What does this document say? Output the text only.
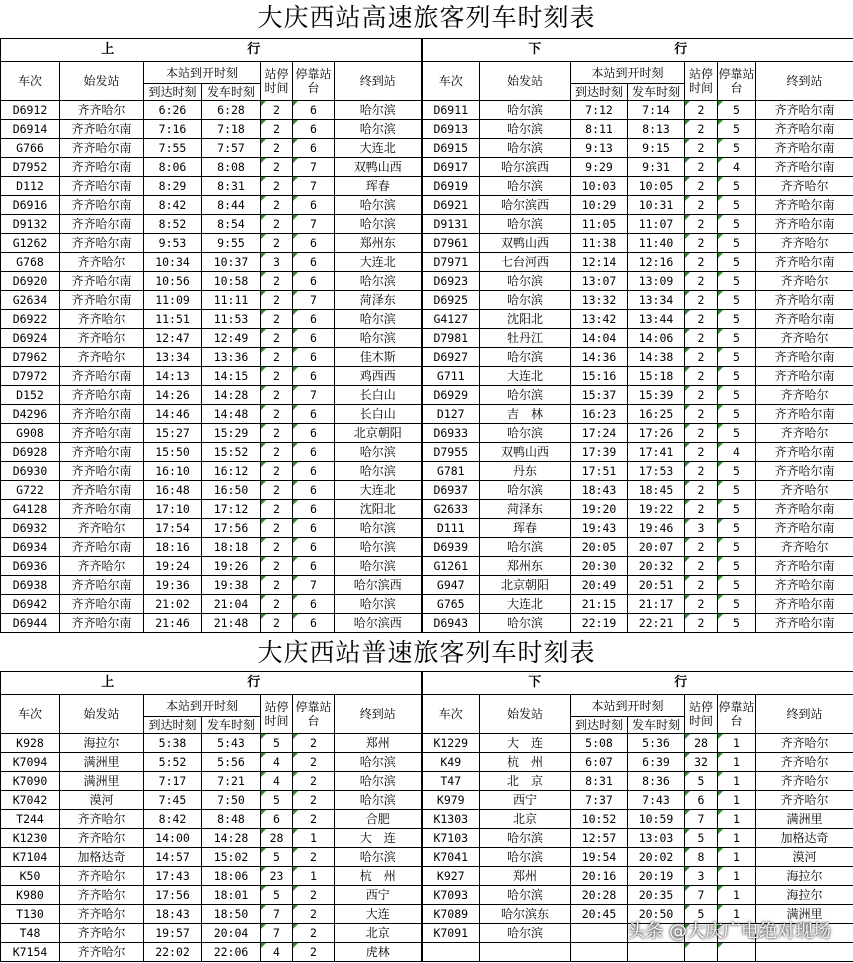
大庆西站高速旅客列车时刻表
上　行							下　行						
车次	始发站	本站到开时刻		站停时间	停靠站台	终到站	车次	始发站	本站到开时刻		站停时间	停靠站台	终到站
		到达时刻	发车时刻						到达时刻	发车时刻			
D6912	齐齐哈尔	6:26	6:28	2	6	哈尔滨	D6911	哈尔滨	7:12	7:14	2	5	齐齐哈尔南
D6914	齐齐哈尔南	7:16	7:18	2	6	哈尔滨	D6913	哈尔滨	8:11	8:13	2	5	齐齐哈尔南
G766	齐齐哈尔南	7:55	7:57	2	6	大连北	D6915	哈尔滨	9:13	9:15	2	5	齐齐哈尔南
D7952	齐齐哈尔南	8:06	8:08	2	7	双鸭山西	D6917	哈尔滨西	9:29	9:31	2	4	齐齐哈尔南
D112	齐齐哈尔南	8:29	8:31	2	7	珲春	D6919	哈尔滨	10:03	10:05	2	5	齐齐哈尔
D6916	齐齐哈尔南	8:42	8:44	2	6	哈尔滨	D6921	哈尔滨西	10:29	10:31	2	5	齐齐哈尔南
D9132	齐齐哈尔南	8:52	8:54	2	7	哈尔滨	D9131	哈尔滨	11:05	11:07	2	5	齐齐哈尔南
G1262	齐齐哈尔南	9:53	9:55	2	6	郑州东	D7961	双鸭山西	11:38	11:40	2	5	齐齐哈尔
G768	齐齐哈尔	10:34	10:37	3	6	大连北	D7971	七台河西	12:14	12:16	2	5	齐齐哈尔南
D6920	齐齐哈尔南	10:56	10:58	2	6	哈尔滨	D6923	哈尔滨	13:07	13:09	2	5	齐齐哈尔
G2634	齐齐哈尔南	11:09	11:11	2	7	菏泽东	D6925	哈尔滨	13:32	13:34	2	5	齐齐哈尔南
D6922	齐齐哈尔	11:51	11:53	2	6	哈尔滨	G4127	沈阳北	13:42	13:44	2	5	齐齐哈尔南
D6924	齐齐哈尔	12:47	12:49	2	6	哈尔滨	D7981	牡丹江	14:04	14:06	2	5	齐齐哈尔
D7962	齐齐哈尔	13:34	13:36	2	6	佳木斯	D6927	哈尔滨	14:36	14:38	2	5	齐齐哈尔南
D7972	齐齐哈尔南	14:13	14:15	2	6	鸡西西	G711	大连北	15:16	15:18	2	5	齐齐哈尔南
D152	齐齐哈尔南	14:26	14:28	2	7	长白山	D6929	哈尔滨	15:37	15:39	2	5	齐齐哈尔
D4296	齐齐哈尔南	14:46	14:48	2	6	长白山	D127	吉　林	16:23	16:25	2	5	齐齐哈尔南
G908	齐齐哈尔南	15:27	15:29	2	6	北京朝阳	D6933	哈尔滨	17:24	17:26	2	5	齐齐哈尔
D6928	齐齐哈尔南	15:50	15:52	2	6	哈尔滨	D7955	双鸭山西	17:39	17:41	2	4	齐齐哈尔南
D6930	齐齐哈尔南	16:10	16:12	2	6	哈尔滨	G781	丹东	17:51	17:53	2	5	齐齐哈尔南
G722	齐齐哈尔南	16:48	16:50	2	6	大连北	D6937	哈尔滨	18:43	18:45	2	5	齐齐哈尔
G4128	齐齐哈尔南	17:10	17:12	2	6	沈阳北	G2633	菏泽东	19:20	19:22	2	5	齐齐哈尔南
D6932	齐齐哈尔	17:54	17:56	2	6	哈尔滨	D111	珲春	19:43	19:46	3	5	齐齐哈尔南
D6934	齐齐哈尔南	18:16	18:18	2	6	哈尔滨	D6939	哈尔滨	20:05	20:07	2	5	齐齐哈尔
D6936	齐齐哈尔	19:24	19:26	2	6	哈尔滨	G1261	郑州东	20:30	20:32	2	5	齐齐哈尔南
D6938	齐齐哈尔南	19:36	19:38	2	7	哈尔滨西	G947	北京朝阳	20:49	20:51	2	5	齐齐哈尔南
D6942	齐齐哈尔南	21:02	21:04	2	6	哈尔滨	G765	大连北	21:15	21:17	2	5	齐齐哈尔南
D6944	齐齐哈尔南	21:46	21:48	2	6	哈尔滨西	D6943	哈尔滨	22:19	22:21	2	5	齐齐哈尔南
大庆西站普速旅客列车时刻表
上　行							下　行						
车次	始发站	本站到开时刻		站停时间	停靠站台	终到站	车次	始发站	本站到开时刻		站停时间	停靠站台	终到站
		到达时刻	发车时刻						到达时刻	发车时刻			
K928	海拉尔	5:38	5:43	5	2	郑州	K1229	大　连	5:08	5:36	28	1	齐齐哈尔
K7094	满洲里	5:52	5:56	4	2	哈尔滨	K49	杭　州	6:07	6:39	32	1	齐齐哈尔
K7090	满洲里	7:17	7:21	4	2	哈尔滨	T47	北　京	8:31	8:36	5	1	齐齐哈尔
K7042	漠河	7:45	7:50	5	2	哈尔滨	K979	西宁	7:37	7:43	6	1	齐齐哈尔
T244	齐齐哈尔	8:42	8:48	6	2	合肥	K1303	北京	10:52	10:59	7	1	满洲里
K1230	齐齐哈尔	14:00	14:28	28	1	大　连	K7103	哈尔滨	12:57	13:03	5	1	加格达奇
K7104	加格达奇	14:57	15:02	5	2	哈尔滨	K7041	哈尔滨	19:54	20:02	8	1	漠河
K50	齐齐哈尔	17:43	18:06	23	1	杭　州	K927	郑州	20:16	20:19	3	1	海拉尔
K980	齐齐哈尔	17:56	18:01	5	2	西宁	K7093	哈尔滨	20:28	20:35	7	1	海拉尔
T130	齐齐哈尔	18:43	18:50	7	2	大连	K7089	哈尔滨东	20:45	20:50	5	1	满洲里
T48	齐齐哈尔	19:57	20:04	7	2	北京	K7091	哈尔滨					
K7154	齐齐哈尔	22:02	22:06	4	2	虎林							
头条 @大庆广电绝对现场
